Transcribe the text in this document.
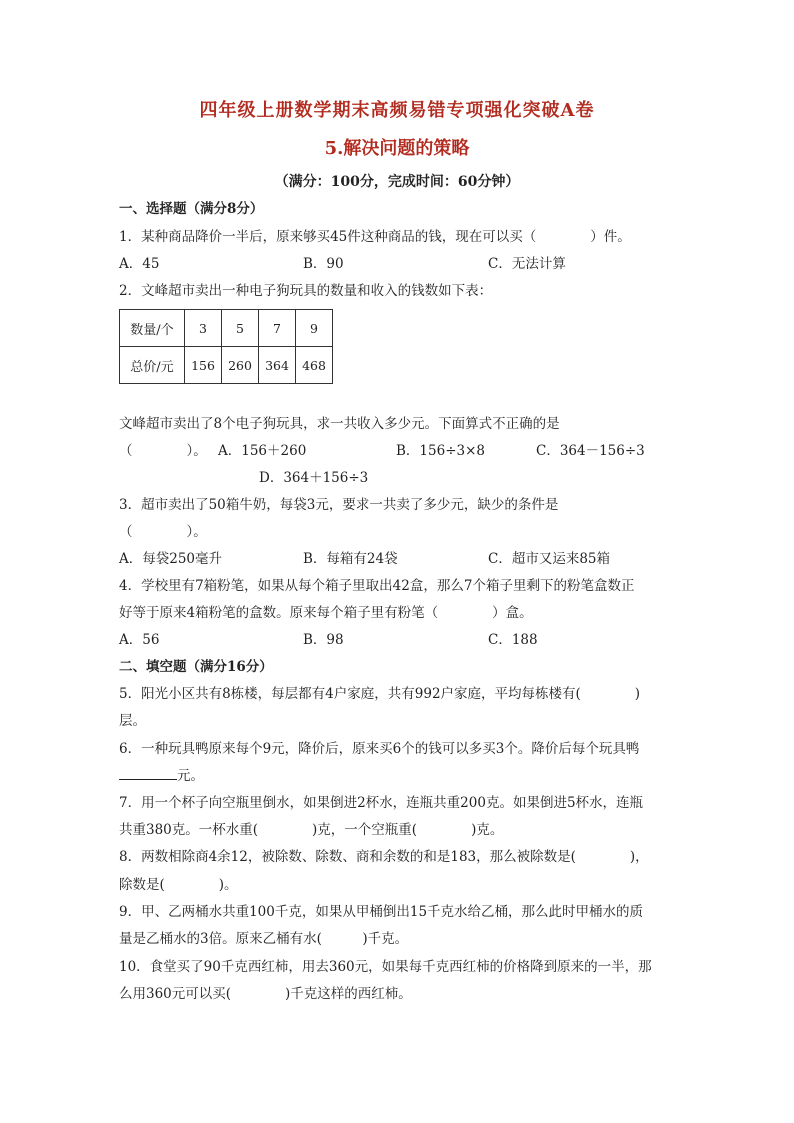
四年级上册数学期末高频易错专项强化突破A卷
5.解决问题的策略
（满分：100分，完成时间：60分钟）
一、选择题（满分8分）
1．某种商品降价一半后，原来够买45件这种商品的钱，现在可以买（　　　　）件。
A．45	B．90	C．无法计算
2．文峰超市卖出一种电子狗玩具的数量和收入的钱数如下表：
数量/个	3	5	7	9
总价/元	156	260	364	468
文峰超市卖出了8个电子狗玩具，求一共收入多少元。下面算式不正确的是
（　　　　）。 A．156＋260	B．156÷3×8	C．364－156÷3
D．364＋156÷3
3．超市卖出了50箱牛奶，每袋3元，要求一共卖了多少元，缺少的条件是
（　　　　）。
A．每袋250毫升	B．每箱有24袋	C．超市又运来85箱
4．学校里有7箱粉笔，如果从每个箱子里取出42盒，那么7个箱子里剩下的粉笔盒数正
好等于原来4箱粉笔的盒数。原来每个箱子里有粉笔（　　　　）盒。
A．56	B．98	C．188
二、填空题（满分16分）
5．阳光小区共有8栋楼，每层都有4户家庭，共有992户家庭，平均每栋楼有(　　　　)
层。
6．一种玩具鸭原来每个9元，降价后，原来买6个的钱可以多买3个。降价后每个玩具鸭
元。
7．用一个杯子向空瓶里倒水，如果倒进2杯水，连瓶共重200克。如果倒进5杯水，连瓶
共重380克。一杯水重(　　　　)克，一个空瓶重(　　　　)克。
8．两数相除商4余12，被除数、除数、商和余数的和是183，那么被除数是(　　　　)，
除数是(　　　　)。
9．甲、乙两桶水共重100千克，如果从甲桶倒出15千克水给乙桶，那么此时甲桶水的质
量是乙桶水的3倍。原来乙桶有水(　　　)千克。
10．食堂买了90千克西红柿，用去360元，如果每千克西红柿的价格降到原来的一半，那
么用360元可以买(　　　　)千克这样的西红柿。
